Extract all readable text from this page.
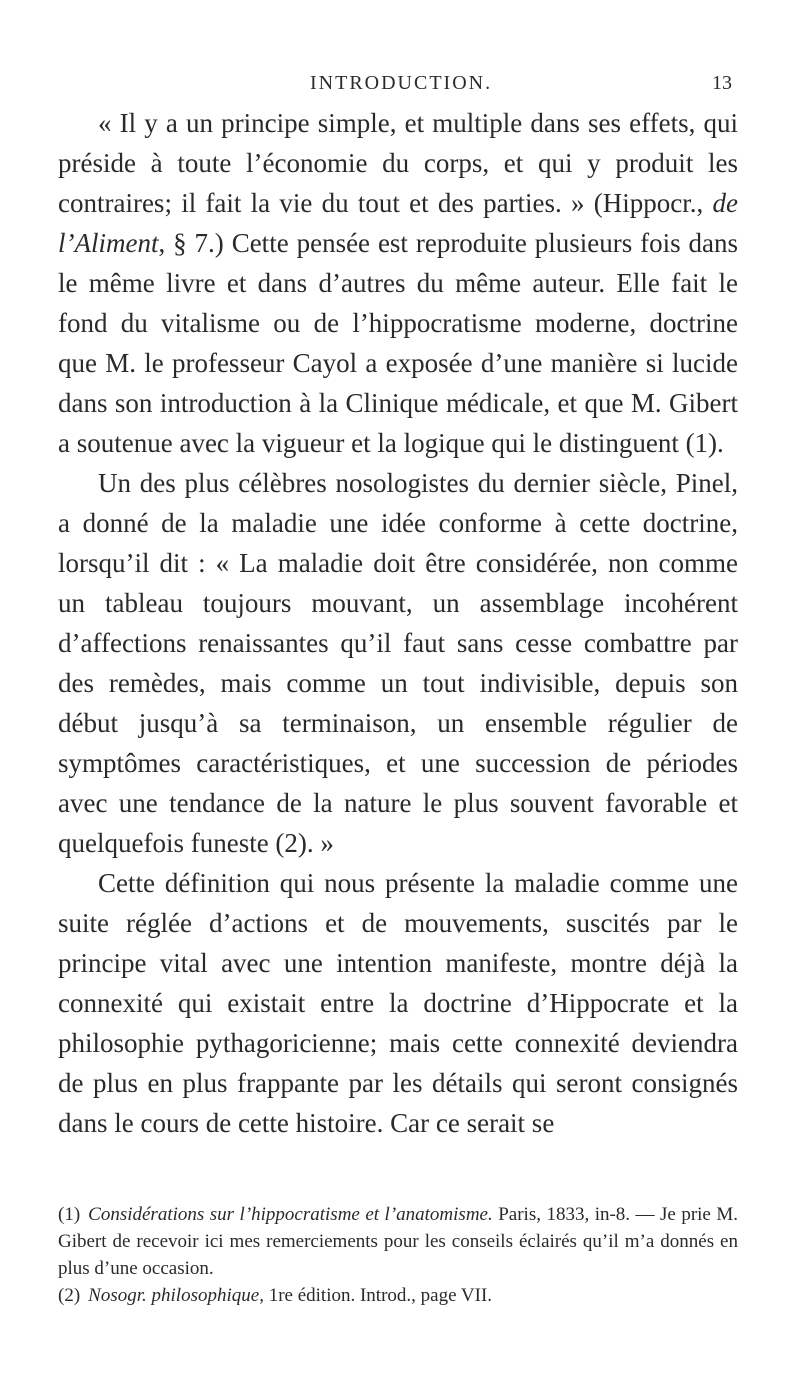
INTRODUCTION.	13

« Il y a un principe simple, et multiple dans ses effets, qui préside à toute l’économie du corps, et qui y produit les contraires; il fait la vie du tout et des parties. » (Hippocr., de l’Aliment, § 7.) Cette pensée est reproduite plusieurs fois dans le même livre et dans d’autres du même auteur. Elle fait le fond du vitalisme ou de l’hippocratisme moderne, doctrine que M. le professeur Cayol a exposée d’une manière si lucide dans son introduction à la Clinique médicale, et que M. Gibert a soutenue avec la vigueur et la logique qui le distinguent (1).

Un des plus célèbres nosologistes du dernier siècle, Pinel, a donné de la maladie une idée conforme à cette doctrine, lorsqu’il dit : « La maladie doit être considérée, non comme un tableau toujours mouvant, un assemblage incohérent d’affections renaissantes qu’il faut sans cesse combattre par des remèdes, mais comme un tout indivisible, depuis son début jusqu’à sa terminaison, un ensemble régulier de symptômes caractéristiques, et une succession de périodes avec une tendance de la nature le plus souvent favorable et quelquefois funeste (2). »

Cette définition qui nous présente la maladie comme une suite réglée d’actions et de mouvements, suscités par le principe vital avec une intention manifeste, montre déjà la connexité qui existait entre la doctrine d’Hippocrate et la philosophie pythagoricienne; mais cette connexité deviendra de plus en plus frappante par les détails qui seront consignés dans le cours de cette histoire. Car ce serait se

(1) Considérations sur l’hippocratisme et l’anatomisme. Paris, 1833, in-8. — Je prie M. Gibert de recevoir ici mes remerciements pour les conseils éclairés qu’il m’a donnés en plus d’une occasion.

(2) Nosogr. philosophique, 1re édition. Introd., page VII.
